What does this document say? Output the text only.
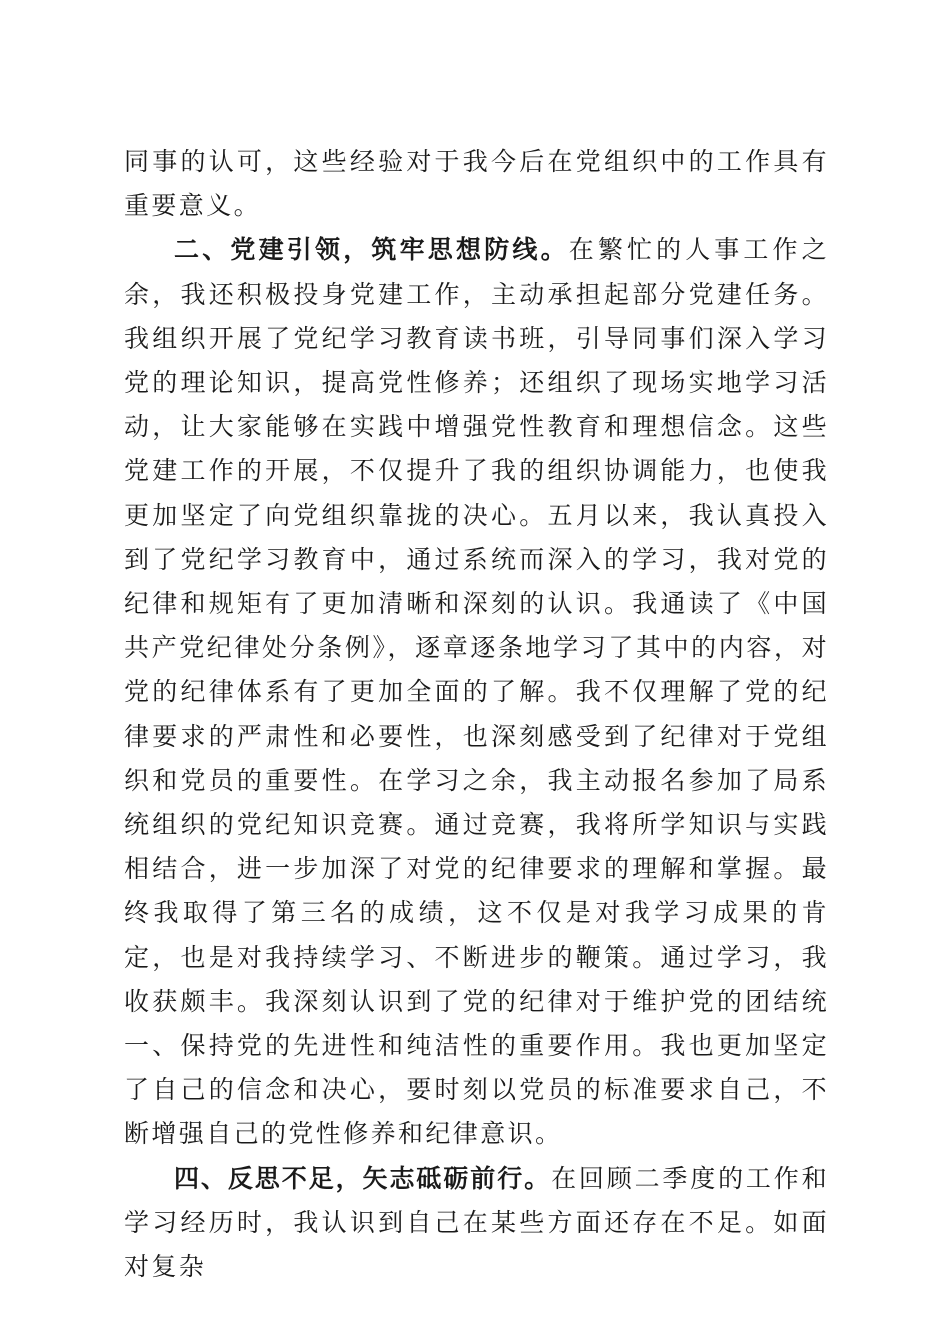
同事的认可，这些经验对于我今后在党组织中的工作具有重要意义。

二、党建引领，筑牢思想防线。在繁忙的人事工作之余，我还积极投身党建工作，主动承担起部分党建任务。我组织开展了党纪学习教育读书班，引导同事们深入学习党的理论知识，提高党性修养；还组织了现场实地学习活动，让大家能够在实践中增强党性教育和理想信念。这些党建工作的开展，不仅提升了我的组织协调能力，也使我更加坚定了向党组织靠拢的决心。五月以来，我认真投入到了党纪学习教育中，通过系统而深入的学习，我对党的纪律和规矩有了更加清晰和深刻的认识。我通读了《中国共产党纪律处分条例》，逐章逐条地学习了其中的内容，对党的纪律体系有了更加全面的了解。我不仅理解了党的纪律要求的严肃性和必要性，也深刻感受到了纪律对于党组织和党员的重要性。在学习之余，我主动报名参加了局系统组织的党纪知识竞赛。通过竞赛，我将所学知识与实践相结合，进一步加深了对党的纪律要求的理解和掌握。最终我取得了第三名的成绩，这不仅是对我学习成果的肯定，也是对我持续学习、不断进步的鞭策。通过学习，我收获颇丰。我深刻认识到了党的纪律对于维护党的团结统一、保持党的先进性和纯洁性的重要作用。我也更加坚定了自己的信念和决心，要时刻以党员的标准要求自己，不断增强自己的党性修养和纪律意识。

四、反思不足，矢志砥砺前行。在回顾二季度的工作和学习经历时，我认识到自己在某些方面还存在不足。如面对复杂
